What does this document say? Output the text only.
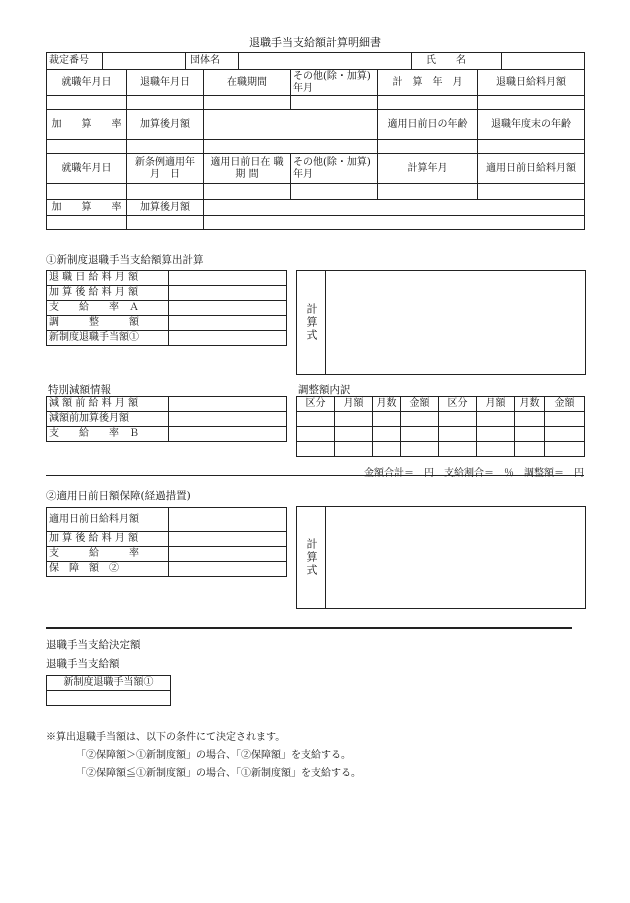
退職手当支給額計算明細書
裁定番号 団体名 氏　　名					

就職年月日	退職年月日	在職期間	その他(除・加算)年月	計　算　年　月	退職日給料月額

加　　算　　率	加算後月額			適用日前日の年齢	退職年度末の年齢

就職年月日	新条例適用年　月　日	適用日前日在 職 期 間	その他(除・加算)年月	計算年月	適用日前日給料月額

加　　算　　率	加算後月額				

①新制度退職手当支給額算出計算
退 職 日 給 料 月 額	
加 算 後 給 料 月 額	
支　　給　　率　Ａ	
調　　　整　　　額	
新制度退職手当額①		計算式
特別減額情報
減 額 前 給 料 月 額	
減額前加算後月額	
支　　給　　率　Ｂ	
調整額内訳
区分	月額	月数	金額	区分	月額	月数	金額

金額合計＝　円　支給割合＝　％　調整額＝　円
②適用日前日額保障(経過措置)
適用日前日給料月額	
加 算 後 給 料 月 額	
支　　　給　　　率	
保　障　額　②		計算式
退職手当支給決定額
退職手当支給額
新制度退職手当額①

※算出退職手当額は、以下の条件にて決定されます。
「②保障額＞①新制度額」の場合、「②保障額」を支給する。
「②保障額≦①新制度額」の場合、「①新制度額」を支給する。
